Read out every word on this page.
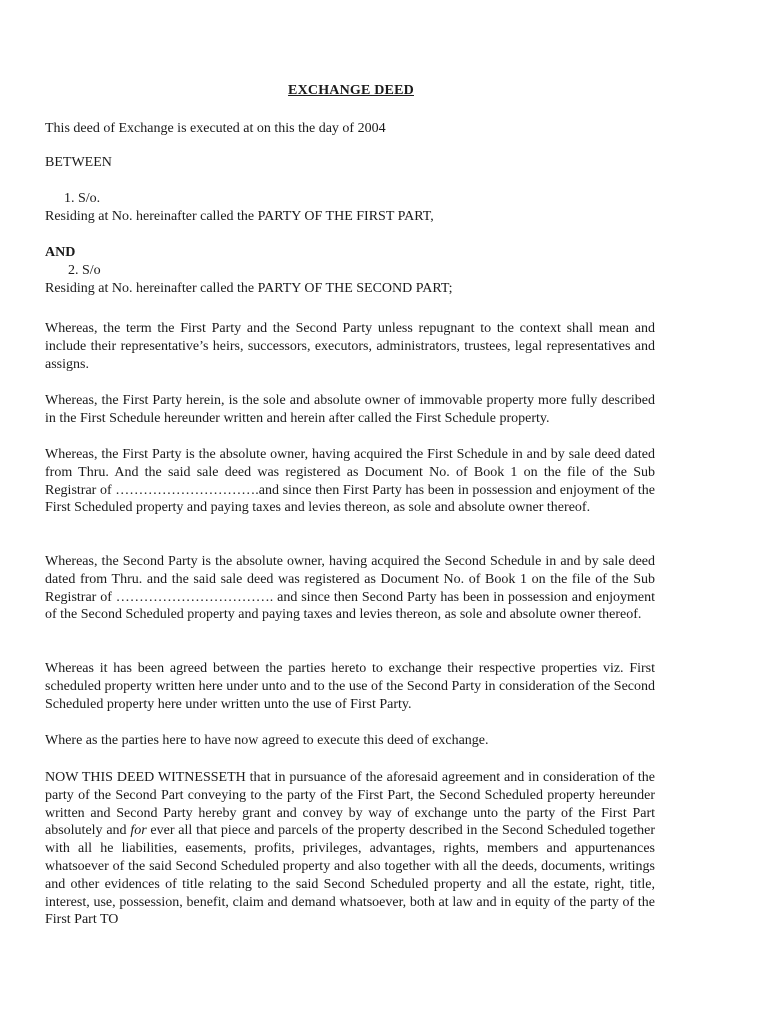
EXCHANGE DEED
This deed of Exchange is executed at on this the day of 2004
BETWEEN
1. S/o.
Residing at No. hereinafter called the PARTY OF THE FIRST PART,
AND
2. S/o
Residing at No. hereinafter called the PARTY OF THE SECOND PART;
Whereas, the term the First Party and the Second Party unless repugnant to the context shall mean and include their representative’s heirs, successors, executors, administrators, trustees, legal representatives and assigns.
Whereas, the First Party herein, is the sole and absolute owner of immovable property more fully described in the First Schedule hereunder written and herein after called the First Schedule property.
Whereas, the First Party is the absolute owner, having acquired the First Schedule in and by sale deed dated from Thru. And the said sale deed was registered as Document No. of Book 1 on the file of the Sub Registrar of ………………………….and since then First Party has been in possession and enjoyment of the First Scheduled property and paying taxes and levies thereon, as sole and absolute owner thereof.
Whereas, the Second Party is the absolute owner, having acquired the Second Schedule in and by sale deed dated from Thru. and the said sale deed was registered as Document No. of Book 1 on the file of the Sub Registrar of ……………………………. and since then Second Party has been in possession and enjoyment of the Second Scheduled property and paying taxes and levies thereon, as sole and absolute owner thereof.
Whereas it has been agreed between the parties hereto to exchange their respective properties viz. First scheduled property written here under unto and to the use of the Second Party in consideration of the Second Scheduled property here under written unto the use of First Party.
Where as the parties here to have now agreed to execute this deed of exchange.
NOW THIS DEED WITNESSETH that in pursuance of the aforesaid agreement and in consideration of the party of the Second Part conveying to the party of the First Part, the Second Scheduled property hereunder written and Second Party hereby grant and convey by way of exchange unto the party of the First Part absolutely and for ever all that piece and parcels of the property described in the Second Scheduled together with all he liabilities, easements, profits, privileges, advantages, rights, members and appurtenances whatsoever of the said Second Scheduled property and also together with all the deeds, documents, writings and other evidences of title relating to the said Second Scheduled property and all the estate, right, title, interest, use, possession, benefit, claim and demand whatsoever, both at law and in equity of the party of the First Part TO
